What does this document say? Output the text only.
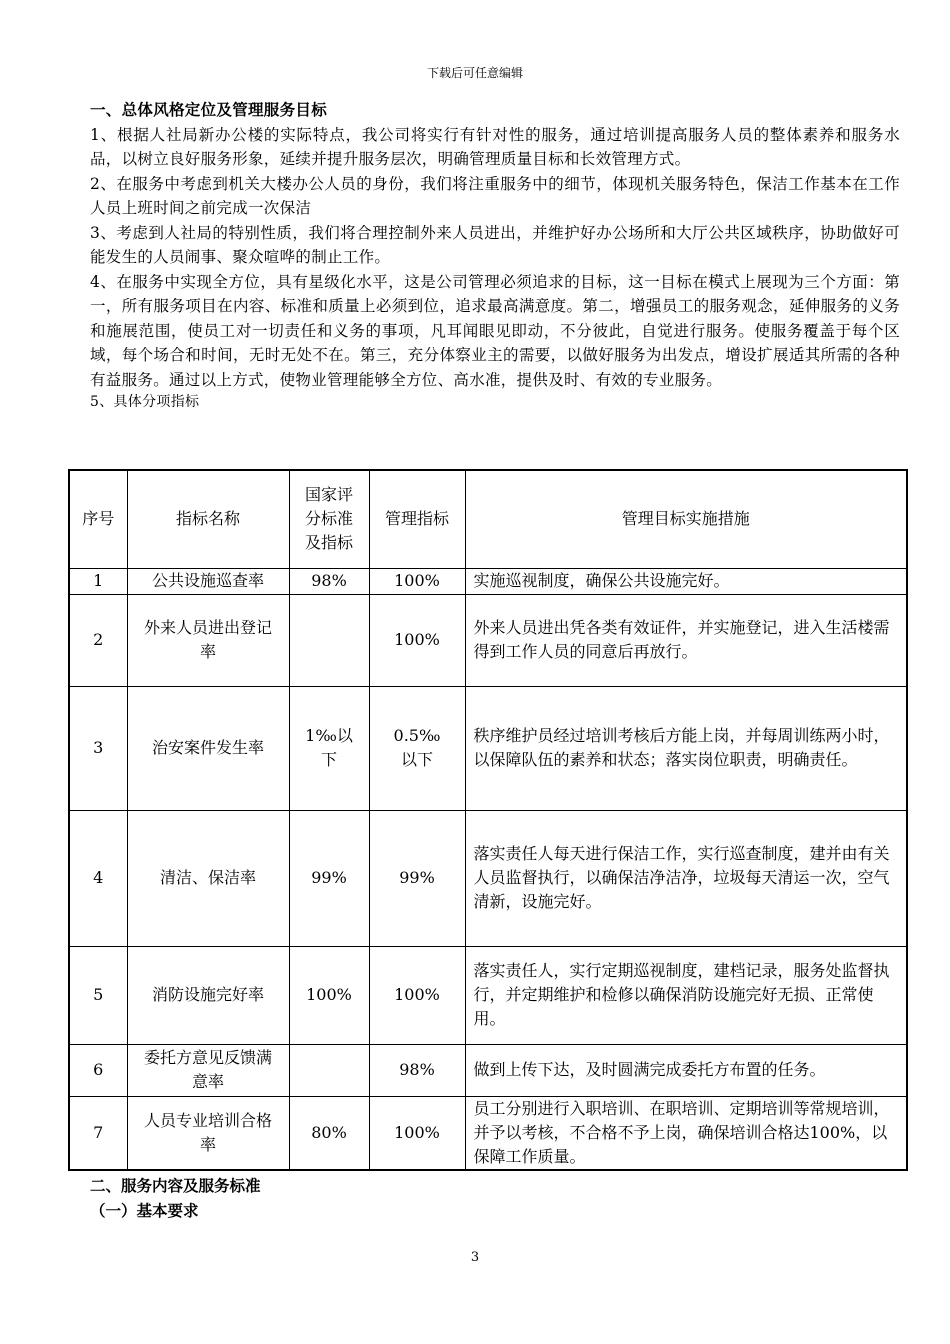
下载后可任意编辑

一、总体风格定位及管理服务目标

1、根据人社局新办公楼的实际特点，我公司将实行有针对性的服务，通过培训提高服务人员的整体素养和服务水品，以树立良好服务形象，延续并提升服务层次，明确管理质量目标和长效管理方式。

2、在服务中考虑到机关大楼办公人员的身份，我们将注重服务中的细节，体现机关服务特色，保洁工作基本在工作人员上班时间之前完成一次保洁

3、考虑到人社局的特别性质，我们将合理控制外来人员进出，并维护好办公场所和大厅公共区域秩序，协助做好可能发生的人员闹事、聚众喧哗的制止工作。

4、在服务中实现全方位，具有星级化水平，这是公司管理必须追求的目标，这一目标在模式上展现为三个方面：第一，所有服务项目在内容、标准和质量上必须到位，追求最高满意度。第二，增强员工的服务观念，延伸服务的义务和施展范围，使员工对一切责任和义务的事项，凡耳闻眼见即动，不分彼此，自觉进行服务。使服务覆盖于每个区域，每个场合和时间，无时无处不在。第三，充分体察业主的需要，以做好服务为出发点，增设扩展适其所需的各种有益服务。通过以上方式，使物业管理能够全方位、高水准，提供及时、有效的专业服务。

5、具体分项指标

序号	指标名称	国家评分标准及指标	管理指标	管理目标实施措施
1	公共设施巡查率	98%	100%	实施巡视制度，确保公共设施完好。
2	外来人员进出登记率		100%	外来人员进出凭各类有效证件，并实施登记，进入生活楼需得到工作人员的同意后再放行。
3	治安案件发生率	1‰以下	0.5‰以下	秩序维护员经过培训考核后方能上岗，并每周训练两小时，以保障队伍的素养和状态；落实岗位职责，明确责任。
4	清洁、保洁率	99%	99%	落实责任人每天进行保洁工作，实行巡查制度，建并由有关人员监督执行，以确保洁净洁净，垃圾每天清运一次，空气清新，设施完好。
5	消防设施完好率	100%	100%	落实责任人，实行定期巡视制度，建档记录，服务处监督执行，并定期维护和检修以确保消防设施完好无损、正常使用。
6	委托方意见反馈满意率		98%	做到上传下达，及时圆满完成委托方布置的任务。
7	人员专业培训合格率	80%	100%	员工分别进行入职培训、在职培训、定期培训等常规培训，并予以考核，不合格不予上岗，确保培训合格达100%，以保障工作质量。

二、服务内容及服务标准

（一）基本要求

3
